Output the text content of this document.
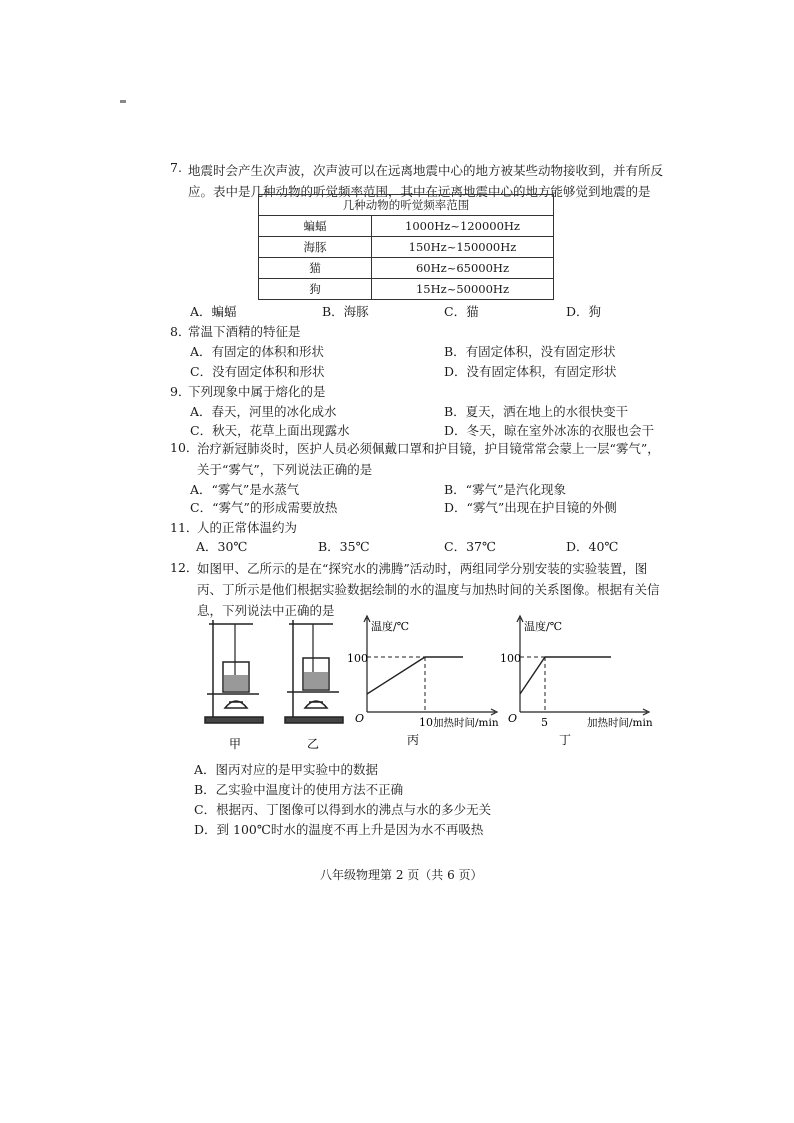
7. 地震时会产生次声波，次声波可以在远离地震中心的地方被某些动物接收到，并有所反应。表中是几种动物的听觉频率范围，其中在远离地震中心的地方能够觉到地震的是
几种动物的听觉频率范围	
蝙蝠	1000Hz~120000Hz
海豚	150Hz~150000Hz
猫	60Hz~65000Hz
狗	15Hz~50000Hz
A．蝙蝠	B．海豚	C．猫	D．狗
8．
常温下酒精的特征是
A．有固定的体积和形状	B．有固定体积，没有固定形状
C．没有固定体积和形状	D．没有固定体积，有固定形状
9．
下列现象中属于熔化的是
A．春天，河里的冰化成水	B．夏天，洒在地上的水很快变干
C．秋天，花草上面出现露水	D．冬天，晾在室外冰冻的衣服也会干
10．
治疗新冠肺炎时，医护人员必须佩戴口罩和护目镜，护目镜常常会蒙上一层“雾气”，关于“雾气”，下列说法正确的是
A．“雾气”是水蒸气	B．“雾气”是汽化现象
C．“雾气”的形成需要放热	D．“雾气”出现在护目镜的外侧
11．
人的正常体温约为
A．30℃	B．35℃	C．37℃	D．40℃
12．
如图甲、乙所示的是在“探究水的沸腾”活动时，两组同学分别安装的实验装置，图丙、丁所示是他们根据实验数据绘制的水的温度与加热时间的关系图像。根据有关信息，下列说法中正确的是
温度/℃
100
O	10 加热时间/min
温度/℃
100
O 5	加热时间/min
甲	乙	丙	丁
A．图丙对应的是甲实验中的数据
B．乙实验中温度计的使用方法不正确
C．根据丙、丁图像可以得到水的沸点与水的多少无关
D．到 100℃时水的温度不再上升是因为水不再吸热
八年级物理第 2 页（共 6 页）
